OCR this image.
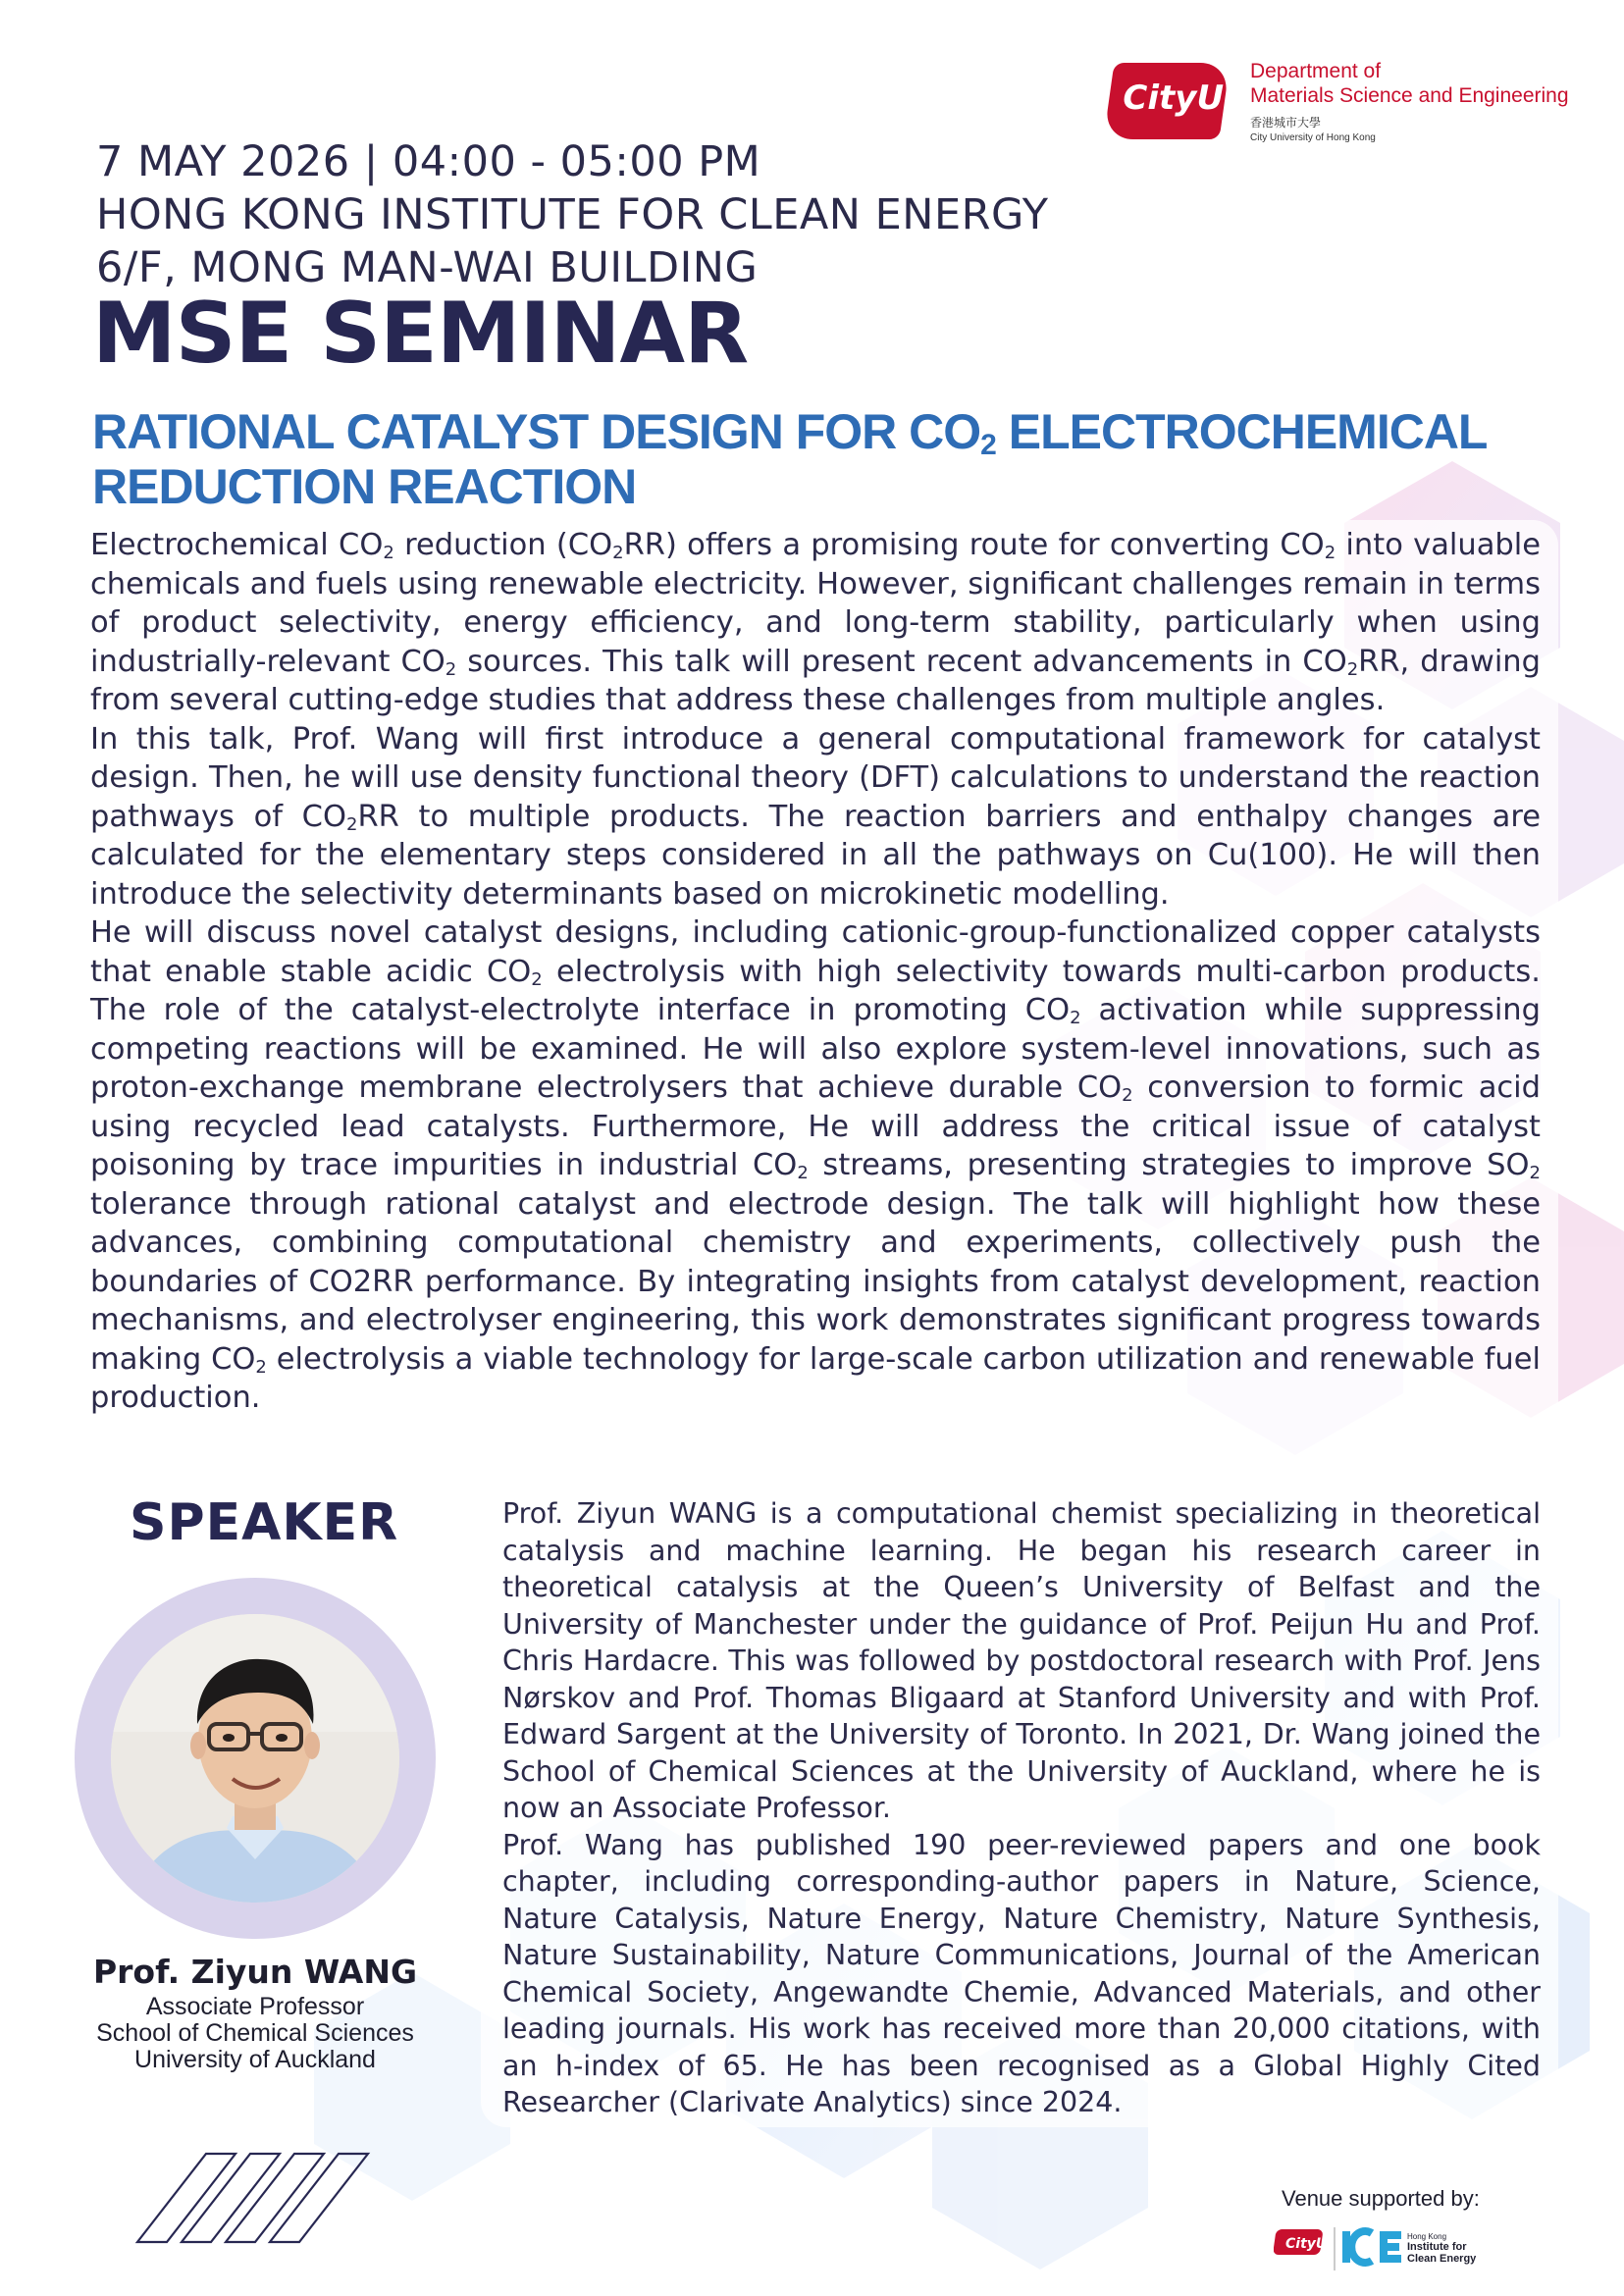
CityU
Department of
Materials Science and Engineering
香港城市大學
City University of Hong Kong
7 MAY 2026 | 04:00 - 05:00 PM
HONG KONG INSTITUTE FOR CLEAN ENERGY
6/F, MONG MAN-WAI BUILDING
MSE SEMINAR
RATIONAL CATALYST DESIGN FOR $CO_2$ ELECTROCHEMICAL REDUCTION REACTION

Electrochemical $CO_2$ reduction $(CO_2RR)$ offers a promising route for converting $CO_2$ into valuable chemicals and fuels using renewable electricity. However, significant challenges remain in terms of product selectivity, energy efficiency, and long-term stability, particularly when using industrially-relevant $CO_2$ sources. This talk will present recent advancements in $CO_2RR$, drawing from several cutting-edge studies that address these challenges from multiple angles.

In this talk, Prof. Wang will first introduce a general computational framework for catalyst design. Then, he will use density functional theory (DFT) calculations to understand the reaction pathways of $CO_2RR$ to multiple products. The reaction barriers and enthalpy changes are calculated for the elementary steps considered in all the pathways on Cu(100). He will then introduce the selectivity determinants based on microkinetic modelling.

He will discuss novel catalyst designs, including cationic-group-functionalized copper catalysts that enable stable acidic $CO_2$ electrolysis with high selectivity towards multi-carbon products. The role of the catalyst-electrolyte interface in promoting $CO_2$ activation while suppressing competing reactions will be examined. He will also explore system-level innovations, such as proton-exchange membrane electrolysers that achieve durable $CO_2$ conversion to formic acid using recycled lead catalysts. Furthermore, He will address the critical issue of catalyst poisoning by trace impurities in industrial $CO_2$ streams, presenting strategies to improve $SO_2$ tolerance through rational catalyst and electrode design. The talk will highlight how these advances, combining computational chemistry and experiments, collectively push the boundaries of CO2RR performance. By integrating insights from catalyst development, reaction mechanisms, and electrolyser engineering, this work demonstrates significant progress towards making $CO_2$ electrolysis a viable technology for large-scale carbon utilization and renewable fuel production.

SPEAKER
Prof. Ziyun WANG
Associate Professor
School of Chemical Sciences
University of Auckland

Prof. Ziyun WANG is a computational chemist specializing in theoretical catalysis and machine learning. He began his research career in theoretical catalysis at the Queen’s University of Belfast and the University of Manchester under the guidance of Prof. Peijun Hu and Prof. Chris Hardacre. This was followed by postdoctoral research with Prof. Jens Nørskov and Prof. Thomas Bligaard at Stanford University and with Prof. Edward Sargent at the University of Toronto. In 2021, Dr. Wang joined the School of Chemical Sciences at the University of Auckland, where he is now an Associate Professor.

Prof. Wang has published 190 peer-reviewed papers and one book chapter, including corresponding-author papers in Nature, Science, Nature Catalysis, Nature Energy, Nature Chemistry, Nature Synthesis, Nature Sustainability, Nature Communications, Journal of the American Chemical Society, Angewandte Chemie, Advanced Materials, and other leading journals. His work has received more than 20,000 citations, with an h-index of 65. He has been recognised as a Global Highly Cited Researcher (Clarivate Analytics) since 2024.

Venue supported by:
CityU	Hong Kong
Institute for
Clean Energy
